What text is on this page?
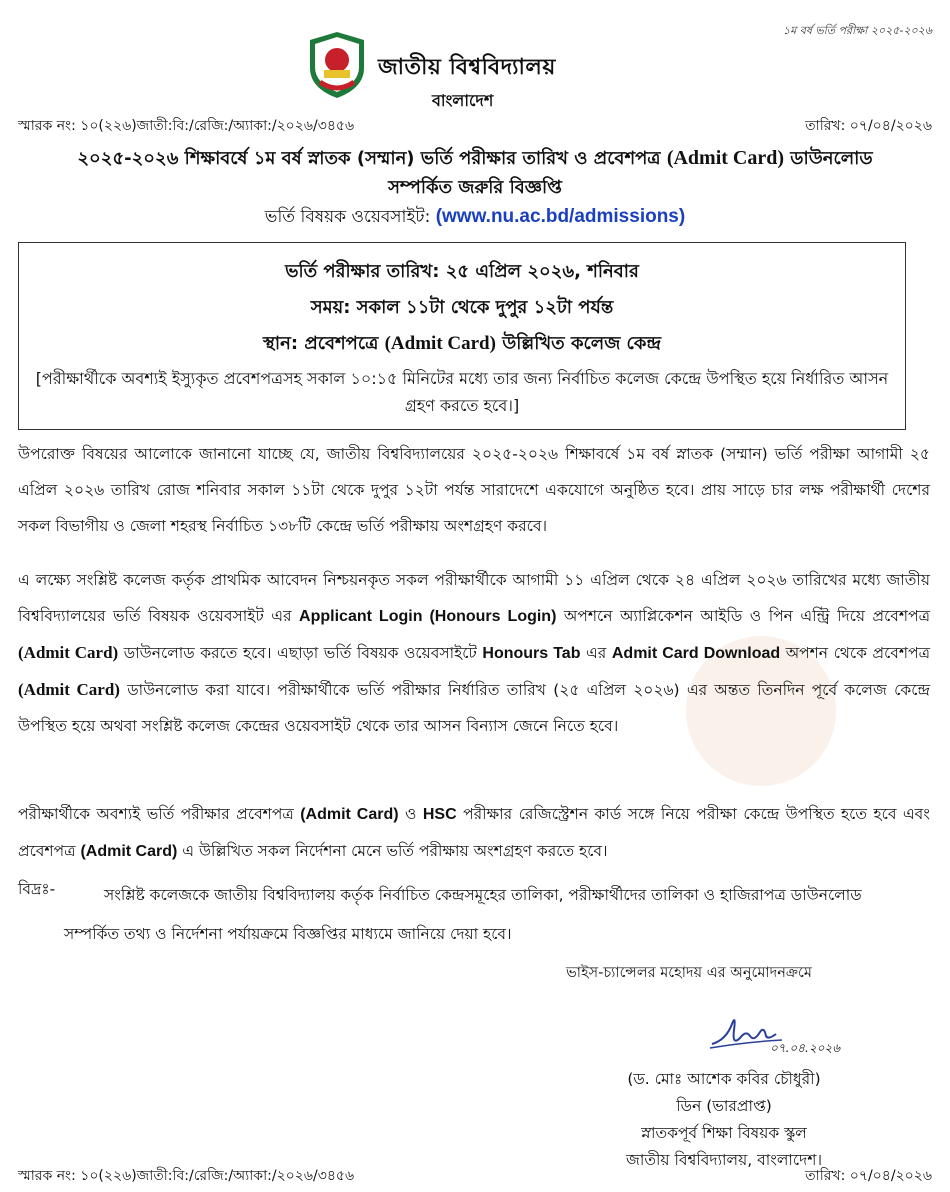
১ম বর্ষ ভর্তি পরীক্ষা ২০২৫-২০২৬
জাতীয় বিশ্ববিদ্যালয়
বাংলাদেশ
স্মারক নং: ১০(২২৬)জাতী:বি:/রেজি:/অ্যাকা:/২০২৬/৩৪৫৬	তারিখ: ০৭/০৪/২০২৬
২০২৫-২০২৬ শিক্ষাবর্ষে ১ম বর্ষ স্নাতক (সম্মান) ভর্তি পরীক্ষার তারিখ ও প্রবেশপত্র (Admit Card) ডাউনলোড
সম্পর্কিত জরুরি বিজ্ঞপ্তি
ভর্তি বিষয়ক ওয়েবসাইট: (www.nu.ac.bd/admissions)
ভর্তি পরীক্ষার তারিখ: ২৫ এপ্রিল ২০২৬, শনিবার
সময়: সকাল ১১টা থেকে দুপুর ১২টা পর্যন্ত
স্থান: প্রবেশপত্রে (Admit Card) উল্লিখিত কলেজ কেন্দ্র
[পরীক্ষার্থীকে অবশ্যই ইস্যুকৃত প্রবেশপত্রসহ সকাল ১০:১৫ মিনিটের মধ্যে তার জন্য নির্বাচিত কলেজ কেন্দ্রে উপস্থিত হয়ে নির্ধারিত আসন গ্রহণ করতে হবে।]
উপরোক্ত বিষয়ের আলোকে জানানো যাচ্ছে যে, জাতীয় বিশ্ববিদ্যালয়ের ২০২৫-২০২৬ শিক্ষাবর্ষে ১ম বর্ষ স্নাতক (সম্মান) ভর্তি পরীক্ষা আগামী ২৫ এপ্রিল ২০২৬ তারিখ রোজ শনিবার সকাল ১১টা থেকে দুপুর ১২টা পর্যন্ত সারাদেশে একযোগে অনুষ্ঠিত হবে। প্রায় সাড়ে চার লক্ষ পরীক্ষার্থী দেশের সকল বিভাগীয় ও জেলা শহরস্থ নির্বাচিত ১৩৮টি কেন্দ্রে ভর্তি পরীক্ষায় অংশগ্রহণ করবে।
এ লক্ষ্যে সংশ্লিষ্ট কলেজ কর্তৃক প্রাথমিক আবেদন নিশ্চয়নকৃত সকল পরীক্ষার্থীকে আগামী ১১ এপ্রিল থেকে ২৪ এপ্রিল ২০২৬ তারিখের মধ্যে জাতীয় বিশ্ববিদ্যালয়ের ভর্তি বিষয়ক ওয়েবসাইট এর Applicant Login (Honours Login) অপশনে অ্যাপ্লিকেশন আইডি ও পিন এন্ট্রি দিয়ে প্রবেশপত্র (Admit Card) ডাউনলোড করতে হবে। এছাড়া ভর্তি বিষয়ক ওয়েবসাইটে Honours Tab এর Admit Card Download অপশন থেকে প্রবেশপত্র (Admit Card) ডাউনলোড করা যাবে। পরীক্ষার্থীকে ভর্তি পরীক্ষার নির্ধারিত তারিখ (২৫ এপ্রিল ২০২৬) এর অন্তত তিনদিন পূর্বে কলেজ কেন্দ্রে উপস্থিত হয়ে অথবা সংশ্লিষ্ট কলেজ কেন্দ্রের ওয়েবসাইট থেকে তার আসন বিন্যাস জেনে নিতে হবে।
পরীক্ষার্থীকে অবশ্যই ভর্তি পরীক্ষার প্রবেশপত্র (Admit Card) ও HSC পরীক্ষার রেজিস্ট্রেশন কার্ড সঙ্গে নিয়ে পরীক্ষা কেন্দ্রে উপস্থিত হতে হবে এবং প্রবেশপত্র (Admit Card) এ উল্লিখিত সকল নির্দেশনা মেনে ভর্তি পরীক্ষায় অংশগ্রহণ করতে হবে।
বিদ্রঃ-	সংশ্লিষ্ট কলেজকে জাতীয় বিশ্ববিদ্যালয় কর্তৃক নির্বাচিত কেন্দ্রসমূহের তালিকা, পরীক্ষার্থীদের তালিকা ও হাজিরাপত্র ডাউনলোড
সম্পর্কিত তথ্য ও নির্দেশনা পর্যায়ক্রমে বিজ্ঞপ্তির মাধ্যমে জানিয়ে দেয়া হবে।
ভাইস-চ্যান্সেলর মহোদয় এর অনুমোদনক্রমে
০৭.০৪.২০২৬
(ড. মোঃ আশেক কবির চৌধুরী)
ডিন (ভারপ্রাপ্ত)
স্নাতকপূর্ব শিক্ষা বিষয়ক স্কুল
জাতীয় বিশ্ববিদ্যালয়, বাংলাদেশ।
স্মারক নং: ১০(২২৬)জাতী:বি:/রেজি:/অ্যাকা:/২০২৬/৩৪৫৬	তারিখ: ০৭/০৪/২০২৬
